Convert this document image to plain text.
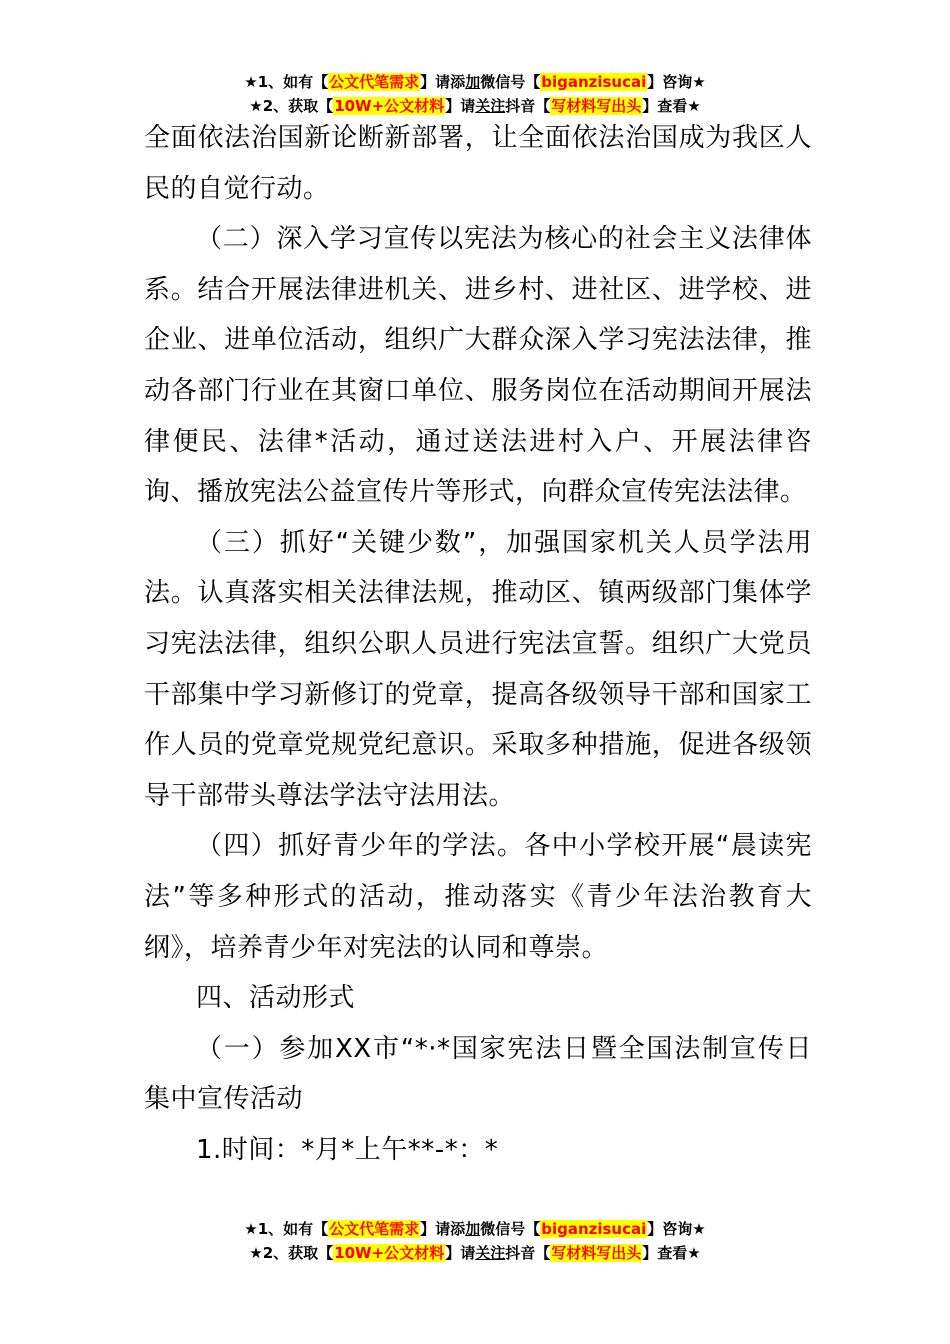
★1、如有【公文代笔需求】请添加微信号【biganzisucai】咨询★
★2、获取【10W+公文材料】请关注抖音【写材料写出头】查看★

全面依法治国新论断新部署，让全面依法治国成为我区人民的自觉行动。

（二）深入学习宣传以宪法为核心的社会主义法律体系。结合开展法律进机关、进乡村、进社区、进学校、进企业、进单位活动，组织广大群众深入学习宪法法律，推动各部门行业在其窗口单位、服务岗位在活动期间开展法律便民、法律*活动，通过送法进村入户、开展法律咨询、播放宪法公益宣传片等形式，向群众宣传宪法法律。

（三）抓好“关键少数”，加强国家机关人员学法用法。认真落实相关法律法规，推动区、镇两级部门集体学习宪法法律，组织公职人员进行宪法宣誓。组织广大党员干部集中学习新修订的党章，提高各级领导干部和国家工作人员的党章党规党纪意识。采取多种措施，促进各级领导干部带头尊法学法守法用法。

（四）抓好青少年的学法。各中小学校开展“晨读宪法”等多种形式的活动，推动落实《青少年法治教育大纲》，培养青少年对宪法的认同和尊崇。

四、活动形式

（一）参加XX市“*·*国家宪法日暨全国法制宣传日集中宣传活动

1.时间：*月*上午**-*：*

★1、如有【公文代笔需求】请添加微信号【biganzisucai】咨询★
★2、获取【10W+公文材料】请关注抖音【写材料写出头】查看★
